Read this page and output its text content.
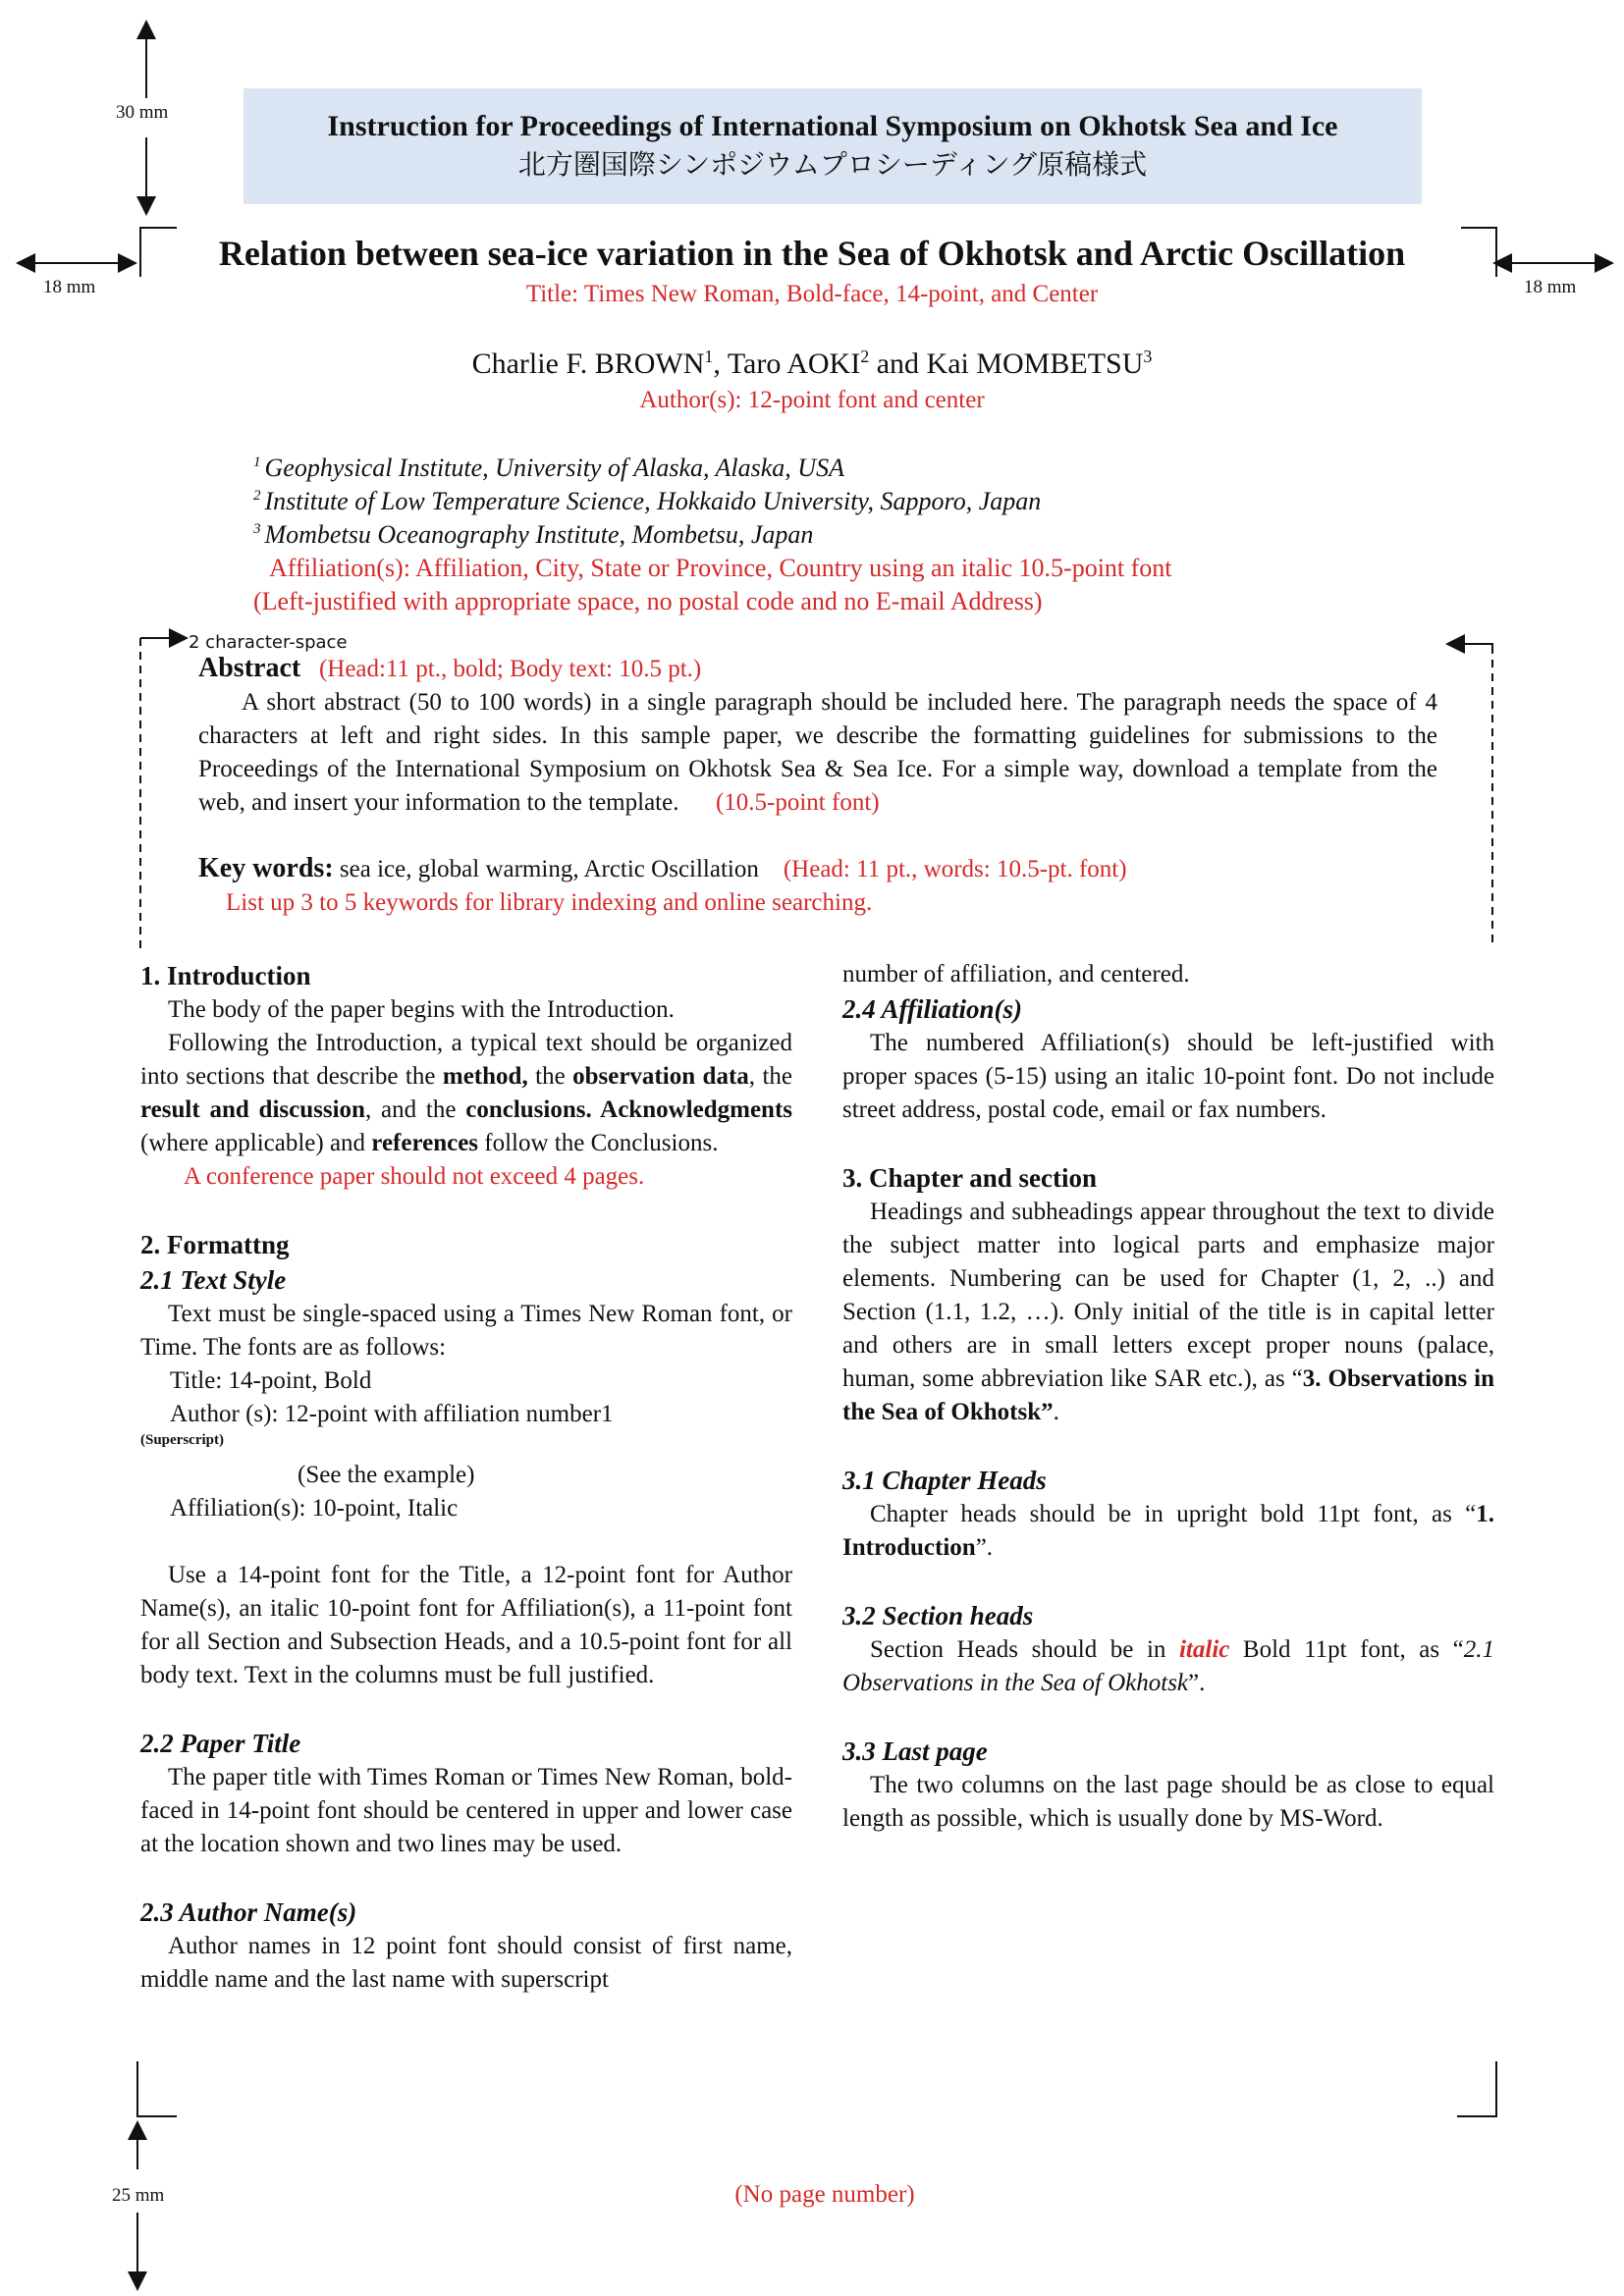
30 mm
18 mm	18 mm
25 mm
Instruction for Proceedings of International Symposium on Okhotsk Sea and Ice
北方圏国際シンポジウムプロシーディング原稿様式
Relation between sea-ice variation in the Sea of Okhotsk and Arctic Oscillation
Title: Times New Roman, Bold-face, 14-point, and Center
Charlie F. BROWN$^1$, Taro AOKI$^2$ and Kai MOMBETSU$^3$
Author(s): 12-point font and center
$^1$ Geophysical Institute, University of Alaska, Alaska, USA
$^2$ Institute of Low Temperature Science, Hokkaido University, Sapporo, Japan
$^3$ Mombetsu Oceanography Institute, Mombetsu, Japan
Affiliation(s): Affiliation, City, State or Province, Country using an italic 10.5-point font
(Left-justified with appropriate space, no postal code and no E-mail Address)
2 character-space
Abstract (Head:11 pt., bold; Body text: 10.5 pt.)

A short abstract (50 to 100 words) in a single paragraph should be included here. The paragraph needs the space of 4 characters at left and right sides. In this sample paper, we describe the formatting guidelines for submissions to the Proceedings of the International Symposium on Okhotsk Sea & Sea Ice. For a simple way, download a template from the web, and insert your information to the template. (10.5-point font)

Key words: sea ice, global warming, Arctic Oscillation (Head: 11 pt., words: 10.5-pt. font)
List up 3 to 5 keywords for library indexing and online searching.
1. Introduction

The body of the paper begins with the Introduction.

Following the Introduction, a typical text should be organized into sections that describe the method, the observation data, the result and discussion, and the conclusions. Acknowledgments (where applicable) and references follow the Conclusions.

A conference paper should not exceed 4 pages.
2. Formattng
2.1 Text Style

Text must be single-spaced using a Times New Roman font, or Time. The fonts are as follows:

Title: 14-point, Bold
Author (s): 12-point with affiliation number1
(Superscript)
(See the example)
Affiliation(s): 10-point, Italic

Use a 14-point font for the Title, a 12-point font for Author Name(s), an italic 10-point font for Affiliation(s), a 11-point font for all Section and Subsection Heads, and a 10.5-point font for all body text. Text in the columns must be full justified.

2.2 Paper Title

The paper title with Times Roman or Times New Roman, bold-faced in 14-point font should be centered in upper and lower case at the location shown and two lines may be used.

2.3 Author Name(s)

Author names in 12 point font should consist of first name, middle name and the last name with superscript

number of affiliation, and centered.
2.4 Affiliation(s)

The numbered Affiliation(s) should be left-justified with proper spaces (5-15) using an italic 10-point font. Do not include street address, postal code, email or fax numbers.

3. Chapter and section

Headings and subheadings appear throughout the text to divide the subject matter into logical parts and emphasize major elements. Numbering can be used for Chapter (1, 2, ..) and Section (1.1, 1.2, …). Only initial of the title is in capital letter and others are in small letters except proper nouns (palace, human, some abbreviation like SAR etc.), as “3. Observations in the Sea of Okhotsk”.

3.1 Chapter Heads

Chapter heads should be in upright bold 11pt font, as “1. Introduction”.

3.2 Section heads

Section Heads should be in italic Bold 11pt font, as “2.1 Observations in the Sea of Okhotsk”.

3.3 Last page

The two columns on the last page should be as close to equal length as possible, which is usually done by MS-Word.

(No page number)
